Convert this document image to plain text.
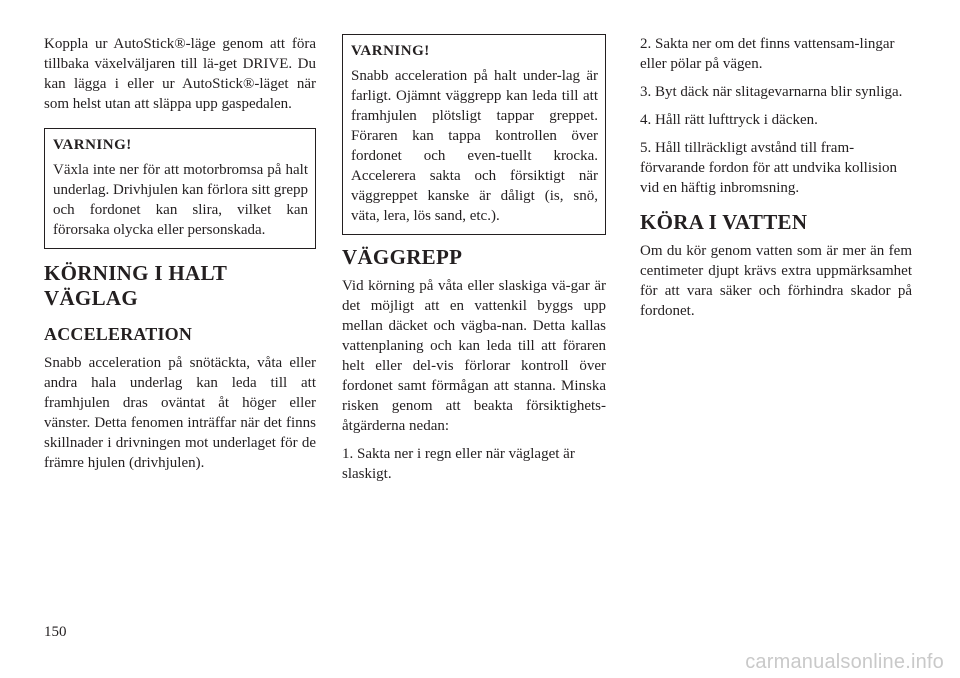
Koppla ur AutoStick®-läge genom att föra tillbaka växelväljaren till lä-get DRIVE. Du kan lägga i eller ur AutoStick®-läget när som helst utan att släppa upp gaspedalen.

VARNING!

Växla inte ner för att motorbromsa på halt underlag. Drivhjulen kan förlora sitt grepp och fordonet kan slira, vilket kan förorsaka olycka eller personskada.

KÖRNING I HALT
VÄGLAG
ACCELERATION

Snabb acceleration på snötäckta, våta eller andra hala underlag kan leda till att framhjulen dras oväntat åt höger eller vänster. Detta fenomen inträffar när det finns skillnader i drivningen mot underlaget för de främre hjulen (drivhjulen).

VARNING!

Snabb acceleration på halt under-lag är farligt. Ojämnt väggrepp kan leda till att framhjulen plötsligt tappar greppet. Föraren kan tappa kontrollen över fordonet och even-tuellt krocka. Accelerera sakta och försiktigt när väggreppet kanske är dåligt (is, snö, väta, lera, lös sand, etc.).

VÄGGREPP

Vid körning på våta eller slaskiga vä-gar är det möjligt att en vattenkil byggs upp mellan däcket och vägba-nan. Detta kallas vattenplaning och kan leda till att föraren helt eller del-vis förlorar kontroll över fordonet samt förmågan att stanna. Minska risken genom att beakta försiktighets-åtgärderna nedan:

1. Sakta ner i regn eller när väglaget är slaskigt.

2. Sakta ner om det finns vattensam-lingar eller pölar på vägen.

3. Byt däck när slitagevarnarna blir synliga.

4. Håll rätt lufttryck i däcken.

5. Håll tillräckligt avstånd till fram-förvarande fordon för att undvika kollision vid en häftig inbromsning.

KÖRA I VATTEN

Om du kör genom vatten som är mer än fem centimeter djupt krävs extra uppmärksamhet för att vara säker och förhindra skador på fordonet.

150
carmanualsonline.info
